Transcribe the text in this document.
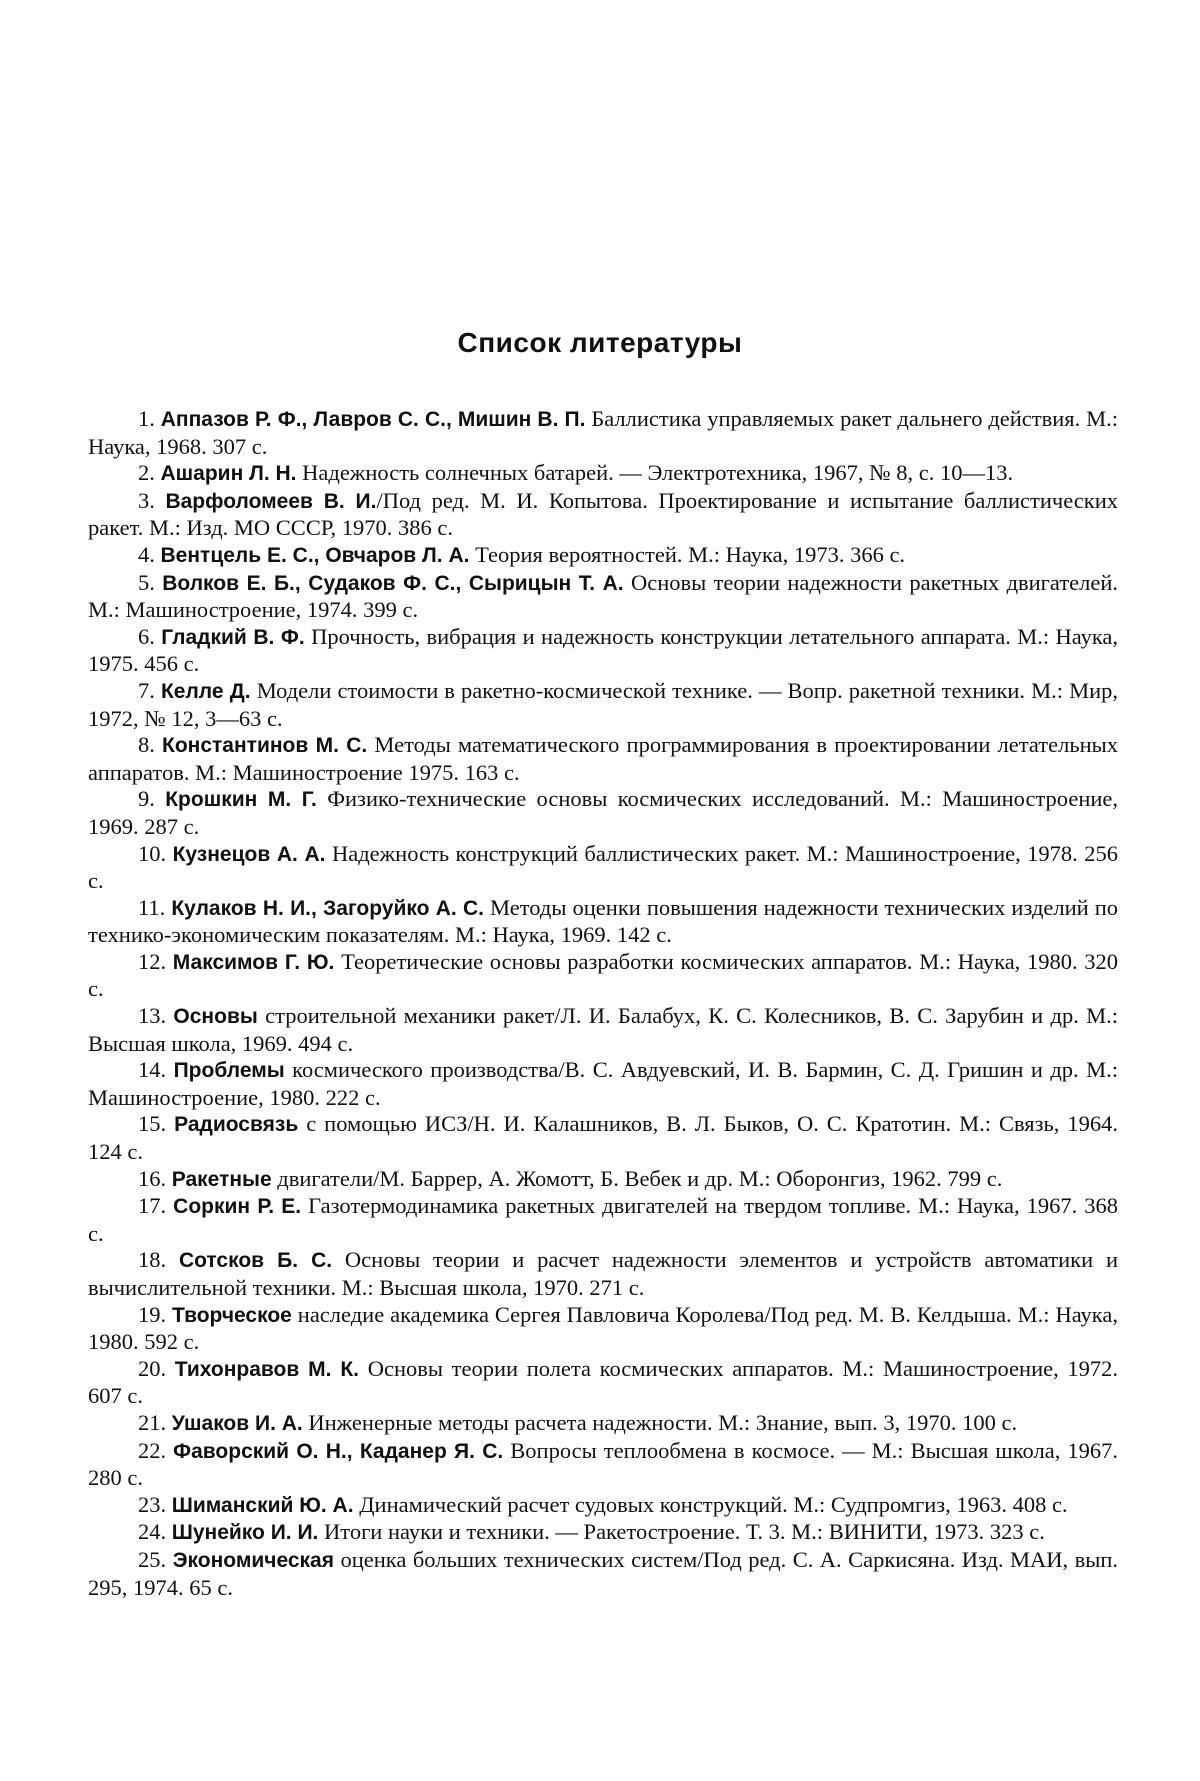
Список литературы

1. Аппазов Р. Ф., Лавров С. С., Мишин В. П. Баллистика управляемых ракет дальнего действия. М.: Наука, 1968. 307 с.

2. Ашарин Л. Н. Надежность солнечных батарей. — Электротехника, 1967, № 8, с. 10—13.

3. Варфоломеев В. И./Под ред. М. И. Копытова. Проектирование и испытание баллистических ракет. М.: Изд. МО СССР, 1970. 386 с.

4. Вентцель Е. С., Овчаров Л. А. Теория вероятностей. М.: Наука, 1973. 366 с.

5. Волков Е. Б., Судаков Ф. С., Сырицын Т. А. Основы теории надежности ракетных двигателей. М.: Машиностроение, 1974. 399 с.

6. Гладкий В. Ф. Прочность, вибрация и надежность конструкции летательного аппарата. М.: Наука, 1975. 456 с.

7. Келле Д. Модели стоимости в ракетно-космической технике. — Вопр. ракетной техники. М.: Мир, 1972, № 12, 3—63 с.

8. Константинов М. С. Методы математического программирования в проектировании летательных аппаратов. М.: Машиностроение 1975. 163 с.

9. Крошкин М. Г. Физико-технические основы космических исследований. М.: Машиностроение, 1969. 287 с.

10. Кузнецов А. А. Надежность конструкций баллистических ракет. М.: Машиностроение, 1978. 256 с.

11. Кулаков Н. И., Загоруйко А. С. Методы оценки повышения надежности технических изделий по технико-экономическим показателям. М.: Наука, 1969. 142 с.

12. Максимов Г. Ю. Теоретические основы разработки космических аппаратов. М.: Наука, 1980. 320 с.

13. Основы строительной механики ракет/Л. И. Балабух, К. С. Колесников, В. С. Зарубин и др. М.: Высшая школа, 1969. 494 с.

14. Проблемы космического производства/В. С. Авдуевский, И. В. Бармин, С. Д. Гришин и др. М.: Машиностроение, 1980. 222 с.

15. Радиосвязь с помощью ИСЗ/Н. И. Калашников, В. Л. Быков, О. С. Кратотин. М.: Связь, 1964. 124 с.

16. Ракетные двигатели/М. Баррер, А. Жомотт, Б. Вебек и др. М.: Оборонгиз, 1962. 799 с.

17. Соркин Р. Е. Газотермодинамика ракетных двигателей на твердом топливе. М.: Наука, 1967. 368 с.

18. Сотсков Б. С. Основы теории и расчет надежности элементов и устройств автоматики и вычислительной техники. М.: Высшая школа, 1970. 271 с.

19. Творческое наследие академика Сергея Павловича Королева/Под ред. М. В. Келдыша. М.: Наука, 1980. 592 с.

20. Тихонравов М. К. Основы теории полета космических аппаратов. М.: Машиностроение, 1972. 607 с.

21. Ушаков И. А. Инженерные методы расчета надежности. М.: Знание, вып. 3, 1970. 100 с.

22. Фаворский О. Н., Каданер Я. С. Вопросы теплообмена в космосе. — М.: Высшая школа, 1967. 280 с.

23. Шиманский Ю. А. Динамический расчет судовых конструкций. М.: Судпромгиз, 1963. 408 с.

24. Шунейко И. И. Итоги науки и техники. — Ракетостроение. Т. 3. М.: ВИНИТИ, 1973. 323 с.

25. Экономическая оценка больших технических систем/Под ред. С. А. Саркисяна. Изд. МАИ, вып. 295, 1974. 65 с.
